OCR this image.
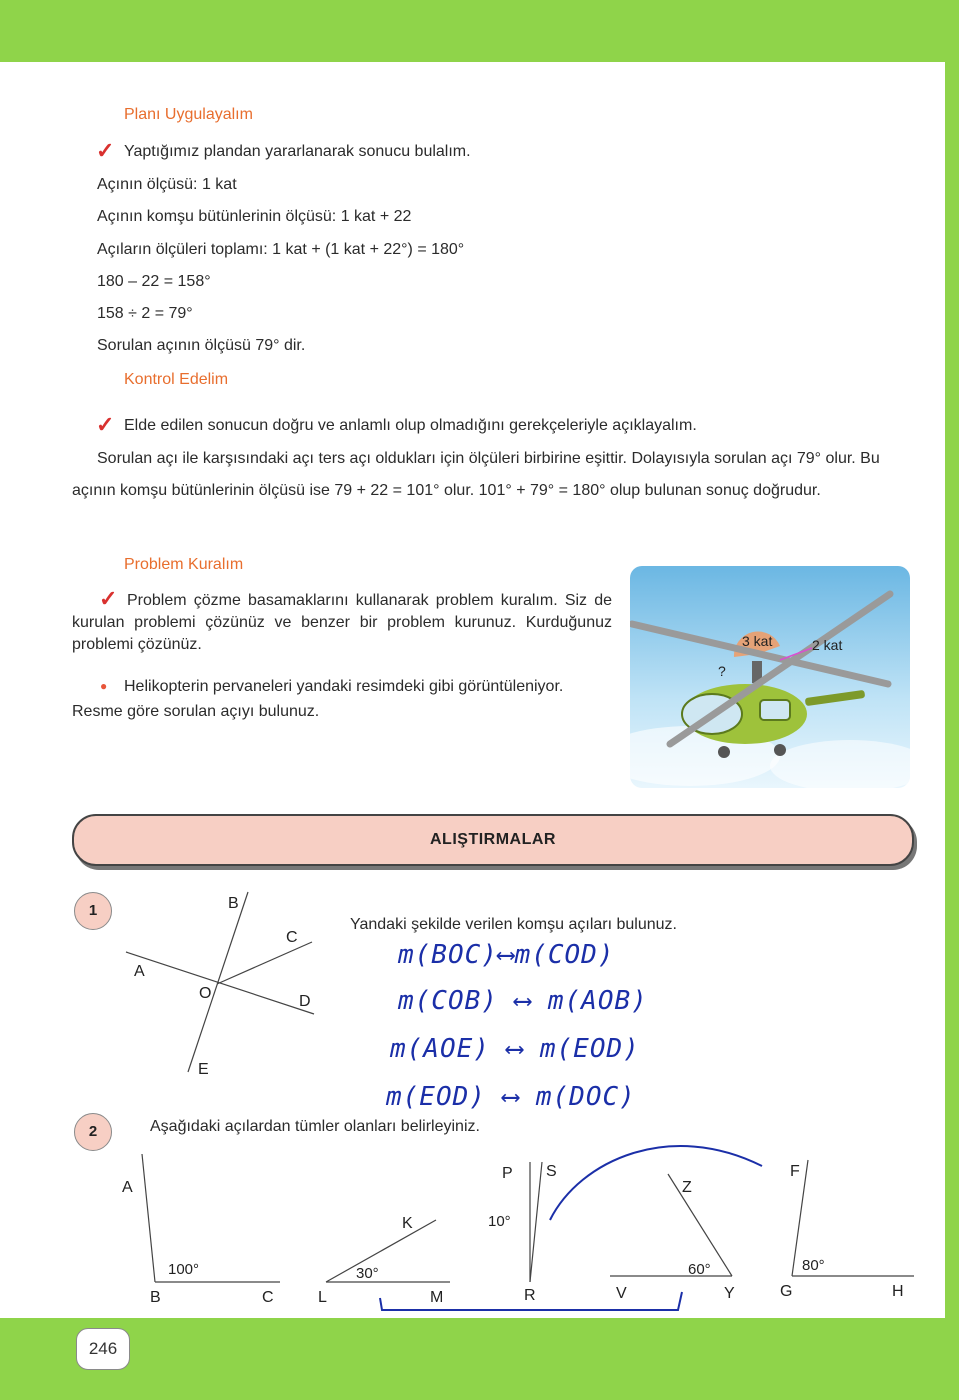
Planı Uygulayalım
✓ Yaptığımız plandan yararlanarak sonucu bulalım.
Açının ölçüsü: 1 kat
Açının komşu bütünlerinin ölçüsü: 1 kat + 22
Açıların ölçüleri toplamı: 1 kat + (1 kat + 22°) = 180°
180 – 22 = 158°
158 ÷ 2 = 79°
Sorulan açının ölçüsü 79° dir.
Kontrol Edelim
✓ Elde edilen sonucun doğru ve anlamlı olup olmadığını gerekçeleriyle açıklayalım.
Sorulan açı ile karşısındaki açı ters açı oldukları için ölçüleri birbirine eşittir. Dolayısıyla sorulan açı 79° olur. Bu açının komşu bütünlerinin ölçüsü ise 79 + 22 = 101° olur. 101° + 79° = 180° olup bulunan sonuç doğrudur.
Problem Kuralım
✓ Problem çözme basamaklarını kullanarak problem kuralım. Siz de kurulan problemi çözünüz ve benzer bir problem kurunuz. Kurduğunuz problemi çözünüz.
●	Helikopterin pervaneleri yandaki resimdeki gibi görüntüleniyor. Resme göre sorulan açıyı bulunuz.
3 kat	2 kat
?
ALIŞTIRMALAR
1	B
C
A
O	D
E
Yandaki şekilde verilen komşu açıları bulunuz.
m(BOC)⟷m(COD)
m(COB) ⟷ m(AOB)
m(AOE) ⟷ m(EOD)
m(EOD) ⟷ m(DOC)
2	Aşağıdaki açılardan tümler olanları belirleyiniz.
A
B	C
100°
K
L	M
30°
P S
R
10°
Z
V	Y
60°
F
G	H
80°
246
